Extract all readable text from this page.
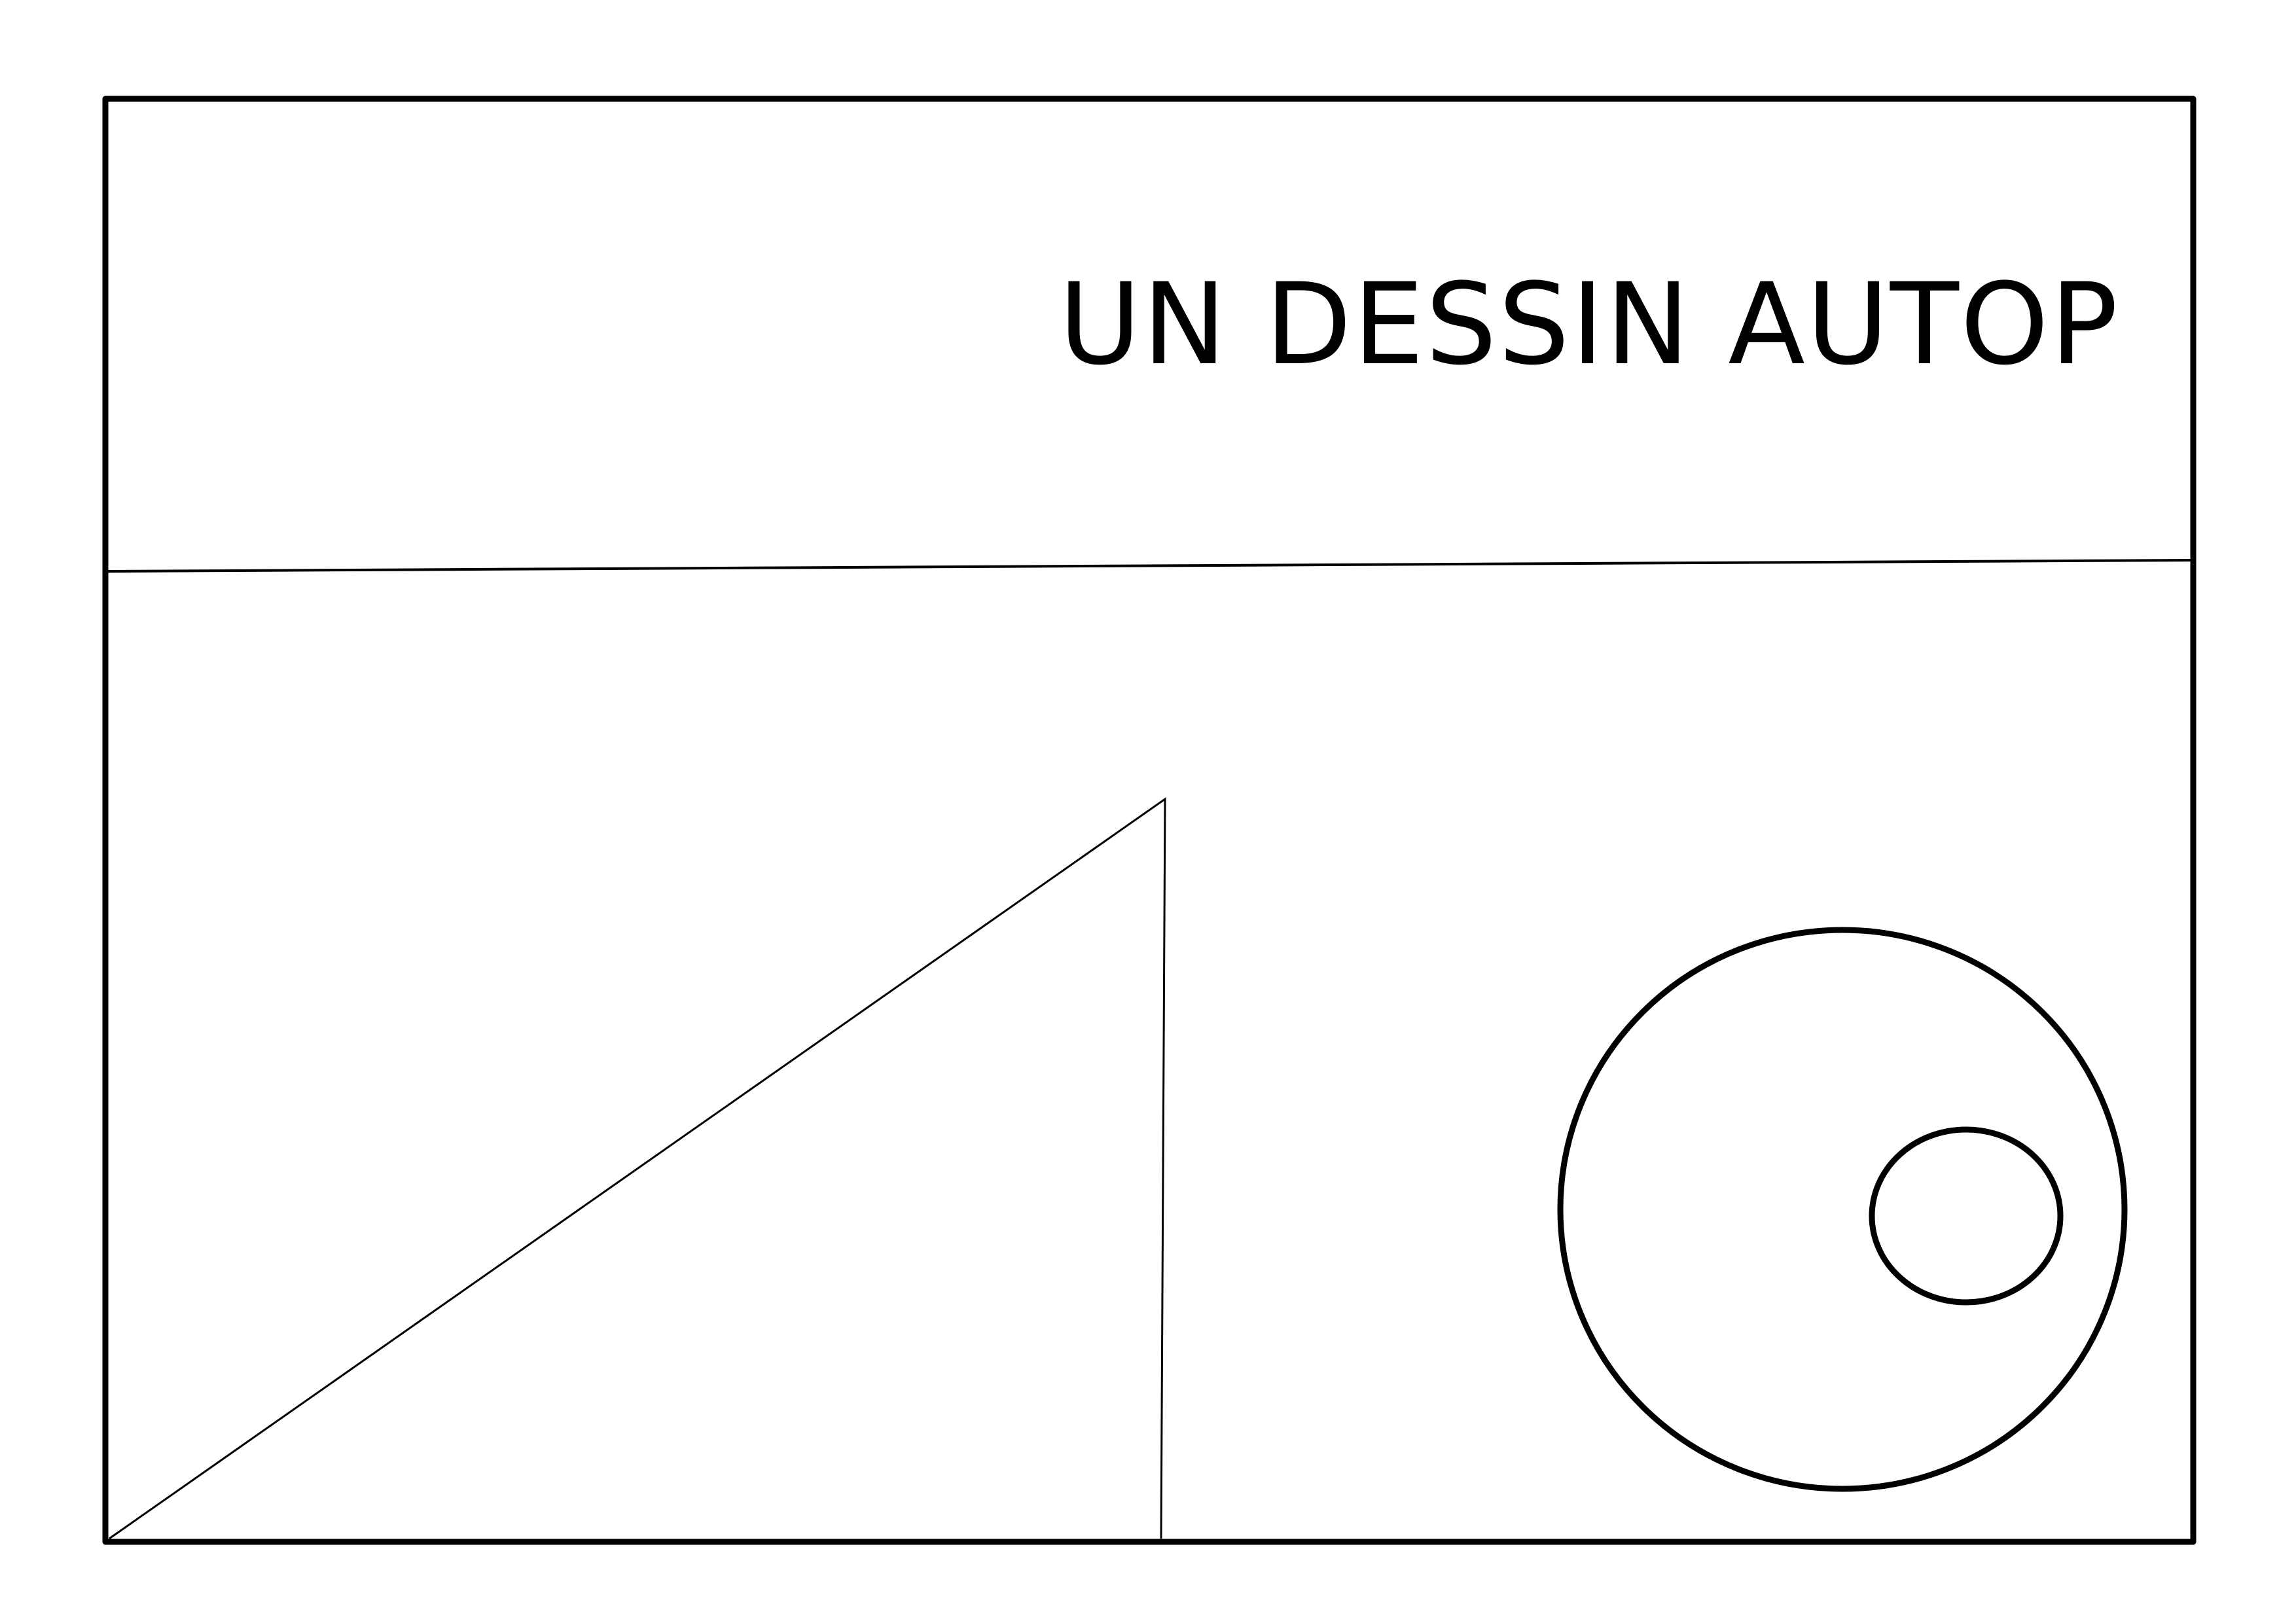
UN DESSIN AUTOP
